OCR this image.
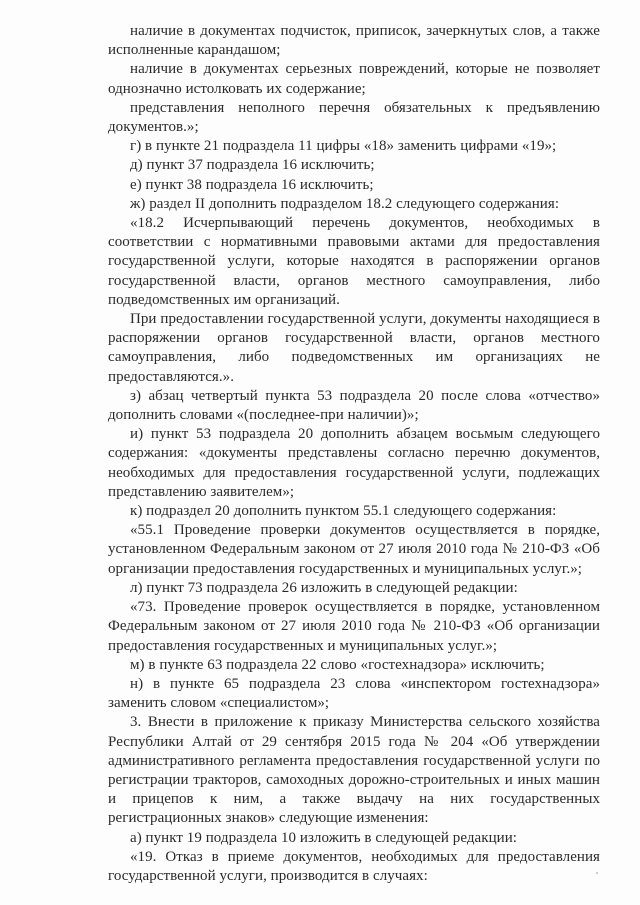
наличие в документах подчисток, приписок, зачеркнутых слов, а также исполненные карандашом;

наличие в документах серьезных повреждений, которые не позволяет однозначно истолковать их содержание;

представления неполного перечня обязательных к предъявлению документов.»;

г) в пункте 21 подраздела 11 цифры «18» заменить цифрами «19»;

д) пункт 37 подраздела 16 исключить;

е) пункт 38 подраздела 16 исключить;

ж) раздел II дополнить подразделом 18.2 следующего содержания:

«18.2 Исчерпывающий перечень документов, необходимых в соответствии с нормативными правовыми актами для предоставления государственной услуги, которые находятся в распоряжении органов государственной власти, органов местного самоуправления, либо подведомственных им организаций.

При предоставлении государственной услуги, документы находящиеся в распоряжении органов государственной власти, органов местного самоуправления, либо подведомственных им организациях не предоставляются.».

з) абзац четвертый пункта 53 подраздела 20 после слова «отчество» дополнить словами «(последнее-при наличии)»;

и) пункт 53 подраздела 20 дополнить абзацем восьмым следующего содержания: «документы представлены согласно перечню документов, необходимых для предоставления государственной услуги, подлежащих представлению заявителем»;

к) подраздел 20 дополнить пунктом 55.1 следующего содержания:

«55.1 Проведение проверки документов осуществляется в порядке, установленном Федеральным законом от 27 июля 2010 года № 210-ФЗ «Об организации предоставления государственных и муниципальных услуг.»;

л) пункт 73 подраздела 26 изложить в следующей редакции:

«73. Проведение проверок осуществляется в порядке, установленном Федеральным законом от 27 июля 2010 года № 210-ФЗ «Об организации предоставления государственных и муниципальных услуг.»;

м) в пункте 63 подраздела 22 слово «гостехнадзора» исключить;

н) в пункте 65 подраздела 23 слова «инспектором гостехнадзора» заменить словом «специалистом»;

3. Внести в приложение к приказу Министерства сельского хозяйства Республики Алтай от 29 сентября 2015 года № 204 «Об утверждении административного регламента предоставления государственной услуги по регистрации тракторов, самоходных дорожно-строительных и иных машин и прицепов к ним, а также выдачу на них государственных регистрационных знаков» следующие изменения:

а) пункт 19 подраздела 10 изложить в следующей редакции:

«19. Отказ в приеме документов, необходимых для предоставления государственной услуги, производится в случаях:
